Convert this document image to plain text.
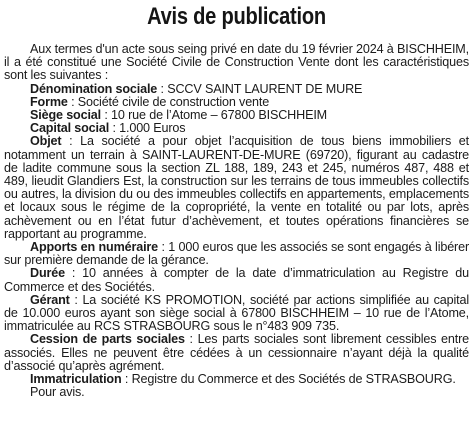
Avis de publication

Aux termes d'un acte sous seing privé en date du 19 février 2024 à BISCHHEIM, il a été constitué une Société Civile de Construction Vente dont les caractéristiques sont les suivantes :

Dénomination sociale : SCCV SAINT LAURENT DE MURE

Forme : Société civile de construction vente

Siège social : 10 rue de l’Atome – 67800 BISCHHEIM

Capital social : 1.000 Euros

Objet : La société a pour objet l’acquisition de tous biens immobiliers et notamment un terrain à SAINT-LAURENT-DE-MURE (69720), figurant au cadastre de ladite commune sous la section ZL 188, 189, 243 et 245, numéros 487, 488 et 489, lieudit Glandiers Est, la construction sur les terrains de tous immeubles collectifs ou autres, la division du ou des immeubles collectifs en appartements, emplacements et locaux sous le régime de la copropriété, la vente en totalité ou par lots, après achèvement ou en l’état futur d’achèvement, et toutes opérations financières se rapportant au programme.

Apports en numéraire : 1 000 euros que les associés se sont engagés à libérer sur première demande de la gérance.

Durée : 10 années à compter de la date d’immatriculation au Registre du Commerce et des Sociétés.

Gérant : La société KS PROMOTION, société par actions simplifiée au capital de 10.000 euros ayant son siège social à 67800 BISCHHEIM – 10 rue de l’Atome, immatriculée au RCS STRASBOURG sous le n°483 909 735.

Cession de parts sociales : Les parts sociales sont librement cessibles entre associés. Elles ne peuvent être cédées à un cessionnaire n’ayant déjà la qualité d’associé qu’après agrément.

Immatriculation : Registre du Commerce et des Sociétés de STRASBOURG.

Pour avis.
